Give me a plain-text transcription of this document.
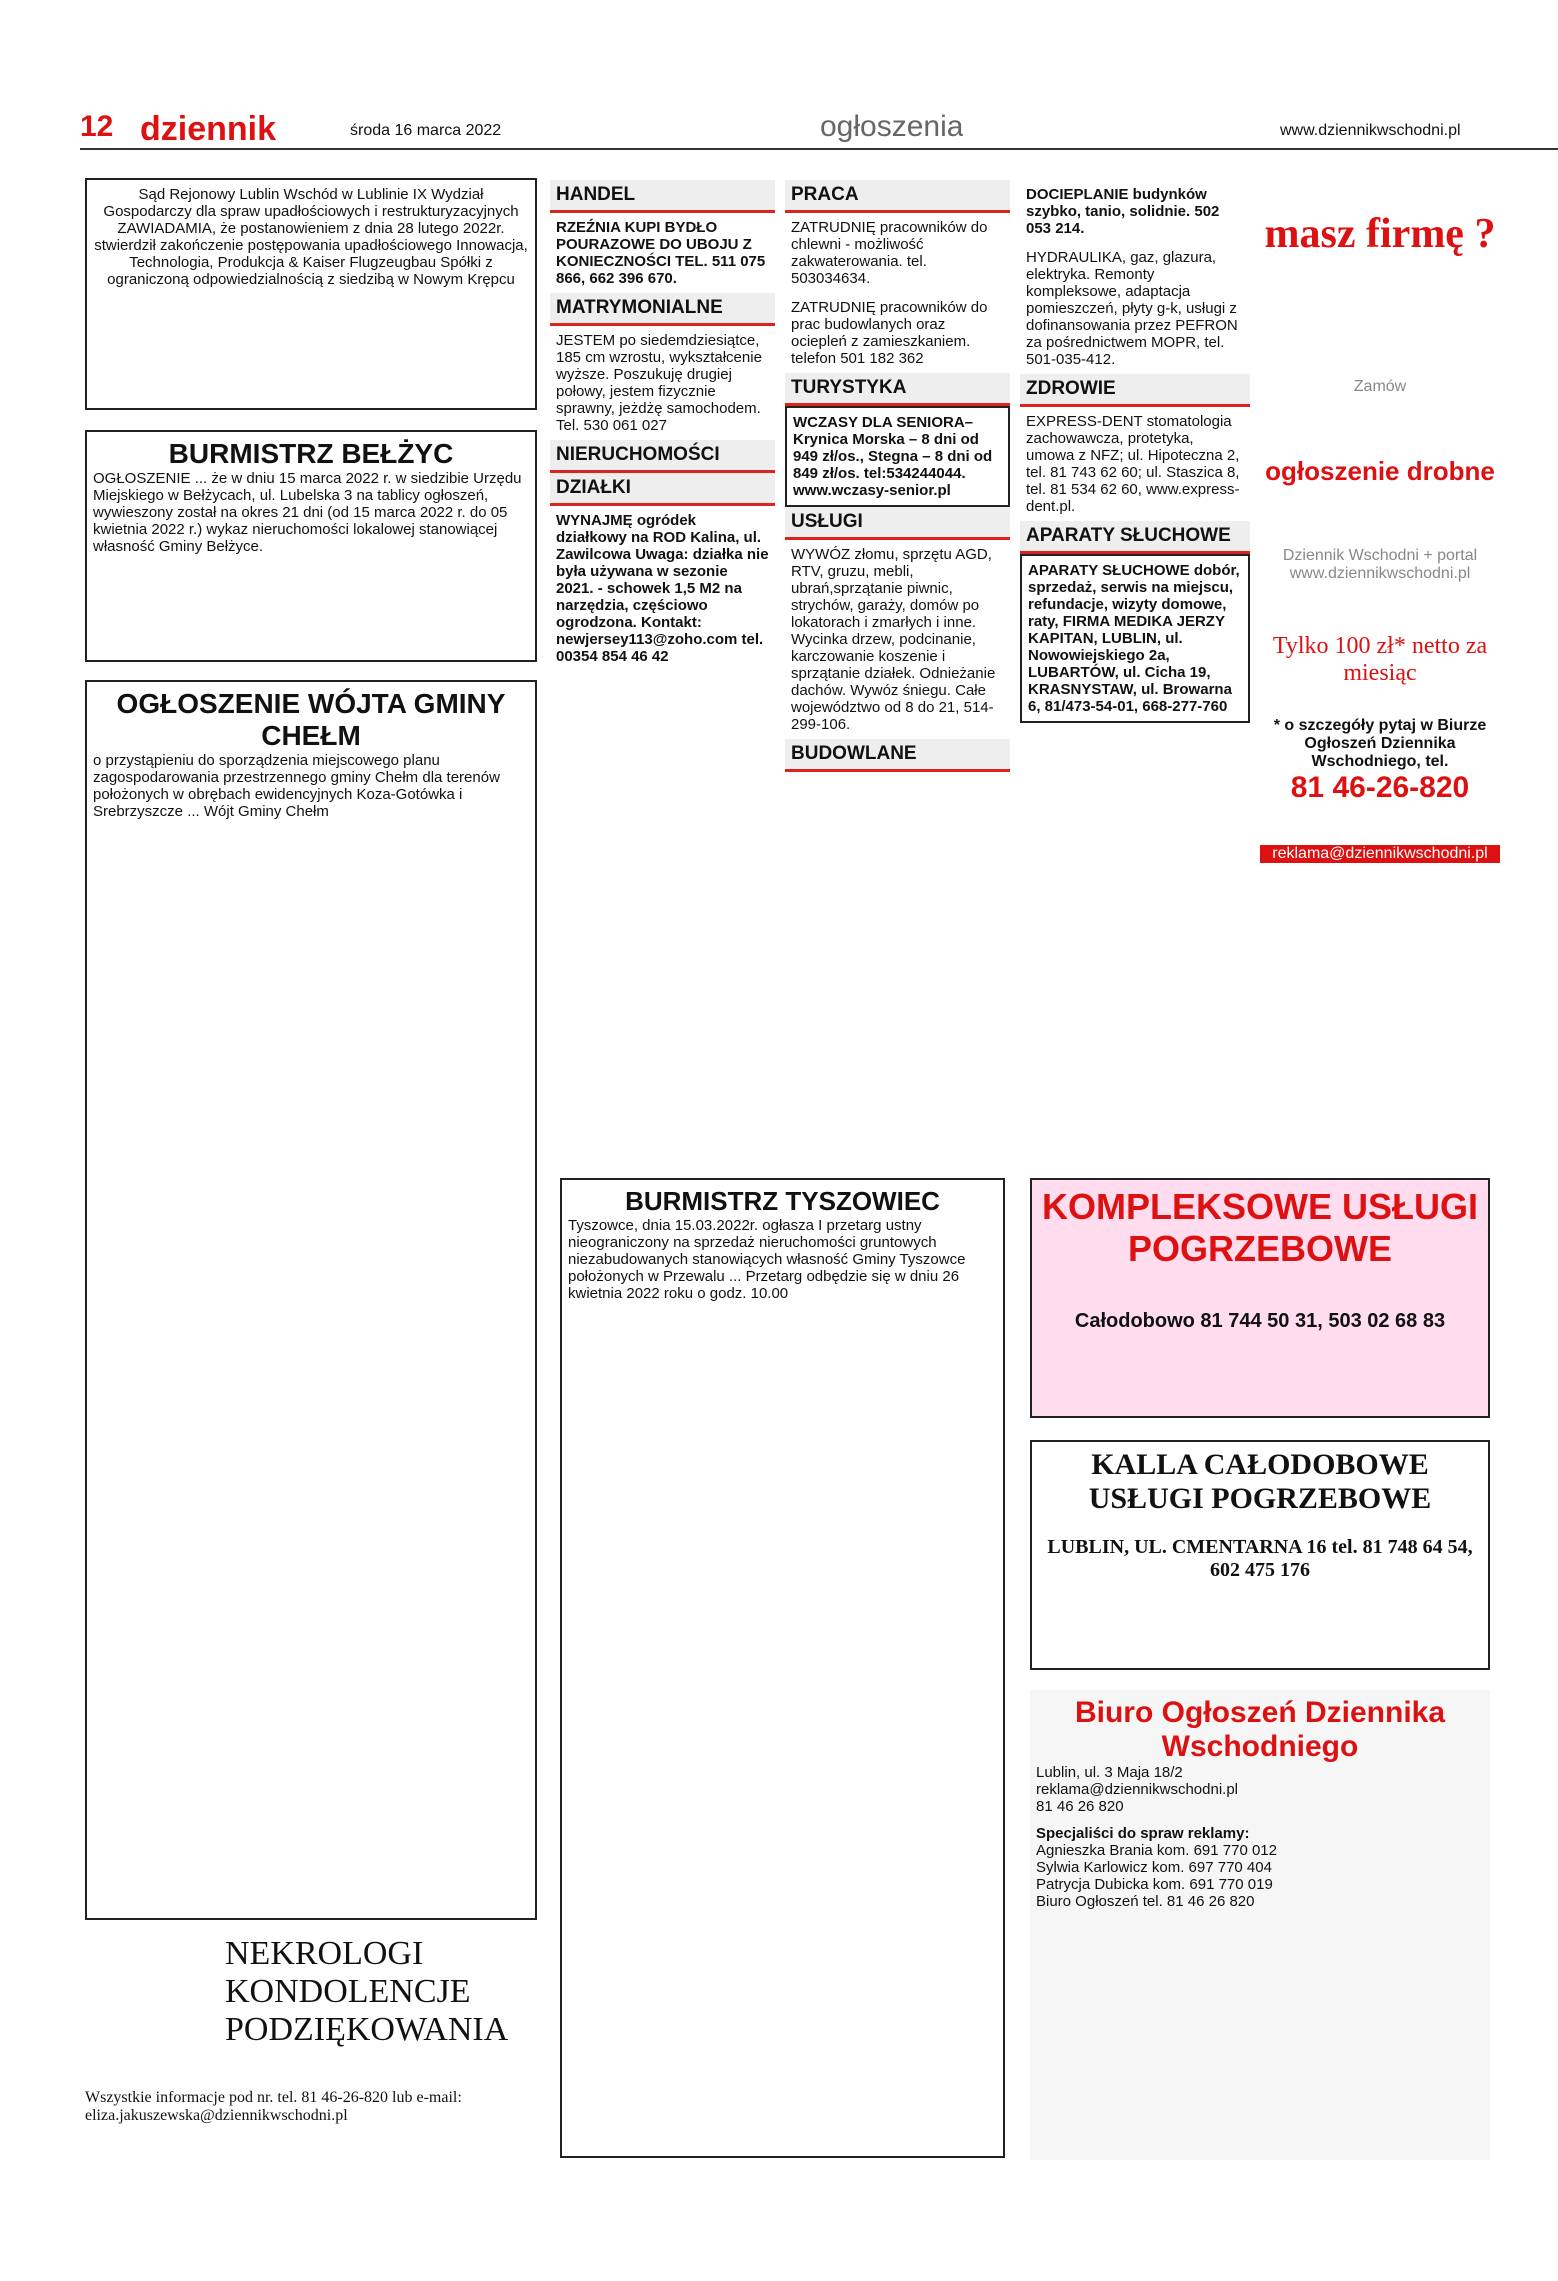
12 dziennik	środa 16 marca 2022	ogłoszenia	www.dziennikwschodni.pl
Sąd Rejonowy Lublin Wschód w Lublinie IX Wydział Gospodarczy dla spraw upadłościowych i restrukturyzacyjnych ZAWIADAMIA, że postanowieniem z dnia 28 lutego 2022r. stwierdził zakończenie postępowania upadłościowego Innowacja, Technologia, Produkcja & Kaiser Flugzeugbau Spółki z ograniczoną odpowiedzialnością z siedzibą w Nowym Krępcu
BURMISTRZ BEŁŻYC
OGŁOSZENIE ... że w dniu 15 marca 2022 r. w siedzibie Urzędu Miejskiego w Bełżycach, ul. Lubelska 3 na tablicy ogłoszeń, wywieszony został na okres 21 dni (od 15 marca 2022 r. do 05 kwietnia 2022 r.) wykaz nieruchomości lokalowej stanowiącej własność Gminy Bełżyce.
OGŁOSZENIE WÓJTA GMINY CHEŁM
o przystąpieniu do sporządzenia miejscowego planu zagospodarowania przestrzennego gminy Chełm dla terenów położonych w obrębach ewidencyjnych Koza-Gotówka i Srebrzyszcze ... Wójt Gminy Chełm
NEKROLOGI KONDOLENCJE PODZIĘKOWANIA
Wszystkie informacje pod nr. tel. 81 46-26-820 lub e-mail: eliza.jakuszewska@dziennikwschodni.pl
HANDEL
RZEŹNIA KUPI BYDŁO POURAZOWE DO UBOJU Z KONIECZNOŚCI TEL. 511 075 866, 662 396 670.
MATRYMONIALNE
JESTEM po siedemdziesiątce, 185 cm wzrostu, wykształcenie wyższe. Poszukuję drugiej połowy, jestem fizycznie sprawny, jeżdżę samochodem. Tel. 530 061 027
NIERUCHOMOŚCI
DZIAŁKI
WYNAJMĘ ogródek działkowy na ROD Kalina, ul. Zawilcowa Uwaga: działka nie była używana w sezonie 2021. - schowek 1,5 M2 na narzędzia, częściowo ogrodzona. Kontakt: newjersey113@zoho.com tel. 00354 854 46 42
PRACA
ZATRUDNIĘ pracowników do chlewni - możliwość zakwaterowania. tel. 503034634.
ZATRUDNIĘ pracowników do prac budowlanych oraz ociepleń z zamieszkaniem. telefon 501 182 362
TURYSTYKA
WCZASY DLA SENIORA– Krynica Morska – 8 dni od 949 zł/os., Stegna – 8 dni od 849 zł/os. tel:534244044. www.wczasy-senior.pl
USŁUGI
WYWÓZ złomu, sprzętu AGD, RTV, gruzu, mebli, ubrań,sprzątanie piwnic, strychów, garaży, domów po lokatorach i zmarłych i inne. Wycinka drzew, podcinanie, karczowanie koszenie i sprzątanie działek. Odnieżanie dachów. Wywóz śniegu. Całe województwo od 8 do 21, 514-299-106.
BUDOWLANE
DOCIEPLANIE budynków szybko, tanio, solidnie. 502 053 214.
HYDRAULIKA, gaz, glazura, elektryka. Remonty kompleksowe, adaptacja pomieszczeń, płyty g-k, usługi z dofinansowania przez PEFRON za pośrednictwem MOPR, tel. 501-035-412.
ZDROWIE
EXPRESS-DENT stomatologia zachowawcza, protetyka, umowa z NFZ; ul. Hipoteczna 2, tel. 81 743 62 60; ul. Staszica 8, tel. 81 534 62 60, www.express-dent.pl.
APARATY SŁUCHOWE
APARATY SŁUCHOWE dobór, sprzedaż, serwis na miejscu, refundacje, wizyty domowe, raty, FIRMA MEDIKA JERZY KAPITAN, LUBLIN, ul. Nowowiejskiego 2a, LUBARTÓW, ul. Cicha 19, KRASNYSTAW, ul. Browarna 6, 81/473-54-01, 668-277-760
masz firmę ?
Zamów
ogłoszenie drobne
Dziennik Wschodni + portal www.dziennikwschodni.pl
Tylko 100 zł* netto za miesiąc
* o szczegóły pytaj w Biurze Ogłoszeń Dziennika Wschodniego, tel.
81 46-26-820
reklama@dziennikwschodni.pl
BURMISTRZ TYSZOWIEC
Tyszowce, dnia 15.03.2022r. ogłasza I przetarg ustny nieograniczony na sprzedaż nieruchomości gruntowych niezabudowanych stanowiących własność Gminy Tyszowce położonych w Przewalu ... Przetarg odbędzie się w dniu 26 kwietnia 2022 roku o godz. 10.00
KOMPLEKSOWE USŁUGI POGRZEBOWE
Całodobowo 81 744 50 31, 503 02 68 83
KALLA CAŁODOBOWE USŁUGI POGRZEBOWE
LUBLIN, UL. CMENTARNA 16 tel. 81 748 64 54, 602 475 176
Biuro Ogłoszeń Dziennika Wschodniego
Lublin, ul. 3 Maja 18/2
reklama@dziennikwschodni.pl
81 46 26 820
Specjaliści do spraw reklamy:
Agnieszka Brania kom. 691 770 012
Sylwia Karlowicz kom. 697 770 404
Patrycja Dubicka kom. 691 770 019
Biuro Ogłoszeń tel. 81 46 26 820
